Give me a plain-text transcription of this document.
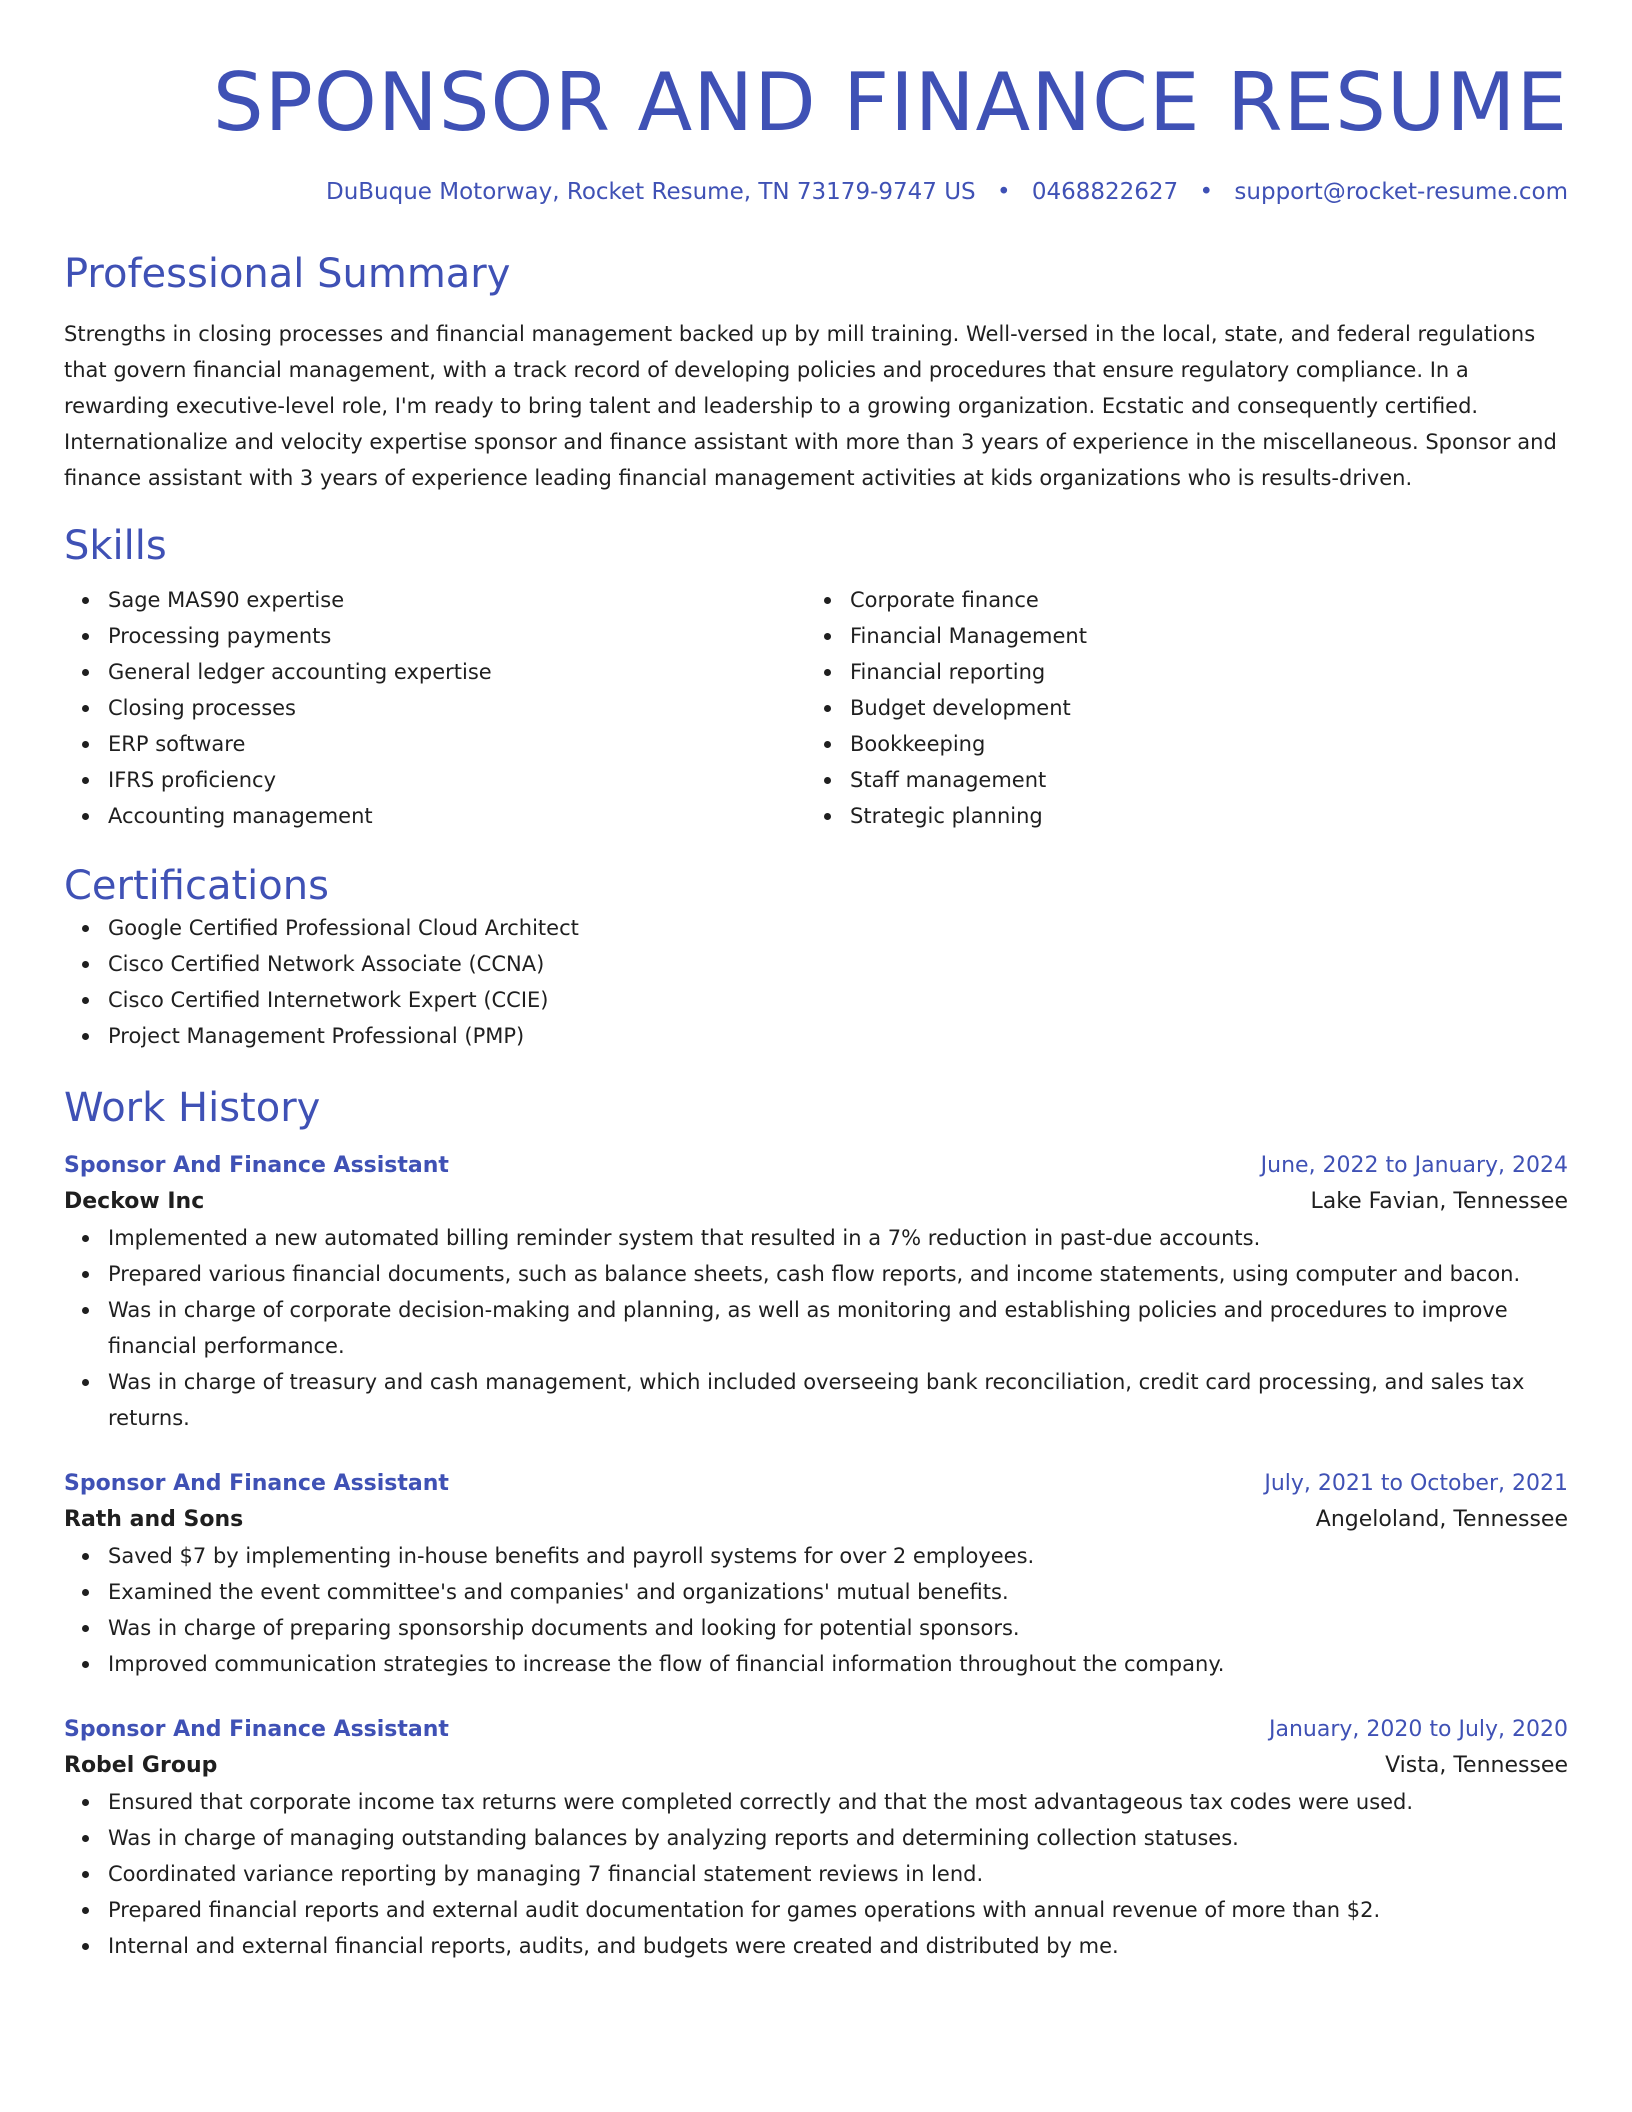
SPONSOR AND FINANCE RESUME
DuBuque Motorway, Rocket Resume, TN 73179-9747 US • 0468822627 • support@rocket-resume.com
Professional Summary

Strengths in closing processes and financial management backed up by mill training. Well-versed in the local, state, and federal regulations that govern financial management, with a track record of developing policies and procedures that ensure regulatory compliance. In a rewarding executive-level role, I'm ready to bring talent and leadership to a growing organization. Ecstatic and consequently certified. Internationalize and velocity expertise sponsor and finance assistant with more than 3 years of experience in the miscellaneous. Sponsor and finance assistant with 3 years of experience leading financial management activities at kids organizations who is results-driven.

Skills
Sage MAS90 expertise
Processing payments
General ledger accounting expertise
Closing processes
ERP software
IFRS proficiency
Accounting management
Corporate finance
Financial Management
Financial reporting
Budget development
Bookkeeping
Staff management
Strategic planning
Certifications
Google Certified Professional Cloud Architect
Cisco Certified Network Associate (CCNA)
Cisco Certified Internetwork Expert (CCIE)
Project Management Professional (PMP)
Work History
Sponsor And Finance Assistant	June, 2022 to January, 2024
Deckow Inc	Lake Favian, Tennessee
Implemented a new automated billing reminder system that resulted in a 7% reduction in past-due accounts.
Prepared various financial documents, such as balance sheets, cash flow reports, and income statements, using computer and bacon.
Was in charge of corporate decision-making and planning, as well as monitoring and establishing policies and procedures to improve financial performance.
Was in charge of treasury and cash management, which included overseeing bank reconciliation, credit card processing, and sales tax returns.
Sponsor And Finance Assistant	July, 2021 to October, 2021
Rath and Sons	Angeloland, Tennessee
Saved $7 by implementing in-house benefits and payroll systems for over 2 employees.
Examined the event committee's and companies' and organizations' mutual benefits.
Was in charge of preparing sponsorship documents and looking for potential sponsors.
Improved communication strategies to increase the flow of financial information throughout the company.
Sponsor And Finance Assistant	January, 2020 to July, 2020
Robel Group	Vista, Tennessee
Ensured that corporate income tax returns were completed correctly and that the most advantageous tax codes were used.
Was in charge of managing outstanding balances by analyzing reports and determining collection statuses.
Coordinated variance reporting by managing 7 financial statement reviews in lend.
Prepared financial reports and external audit documentation for games operations with annual revenue of more than $2.
Internal and external financial reports, audits, and budgets were created and distributed by me.
